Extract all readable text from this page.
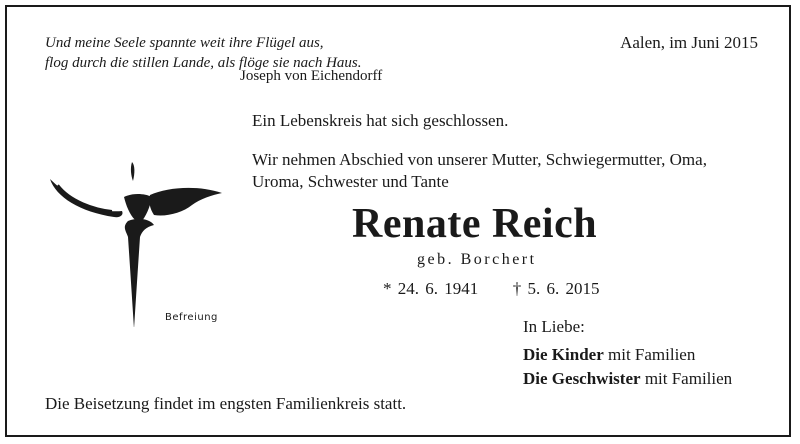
Und meine Seele spannte weit ihre Flügel aus,
flog durch die stillen Lande, als flöge sie nach Haus.
Joseph von Eichendorff
Aalen, im Juni 2015
Ein Lebenskreis hat sich geschlossen.
Wir nehmen Abschied von unserer Mutter, Schwiegermutter, Oma,
Uroma, Schwester und Tante
Renate Reich
geb. Borchert
* 24. 6. 1941 † 5. 6. 2015
In Liebe:
Die Kinder mit Familien
Die Geschwister mit Familien
Die Beisetzung findet im engsten Familienkreis statt.
Befreiung
